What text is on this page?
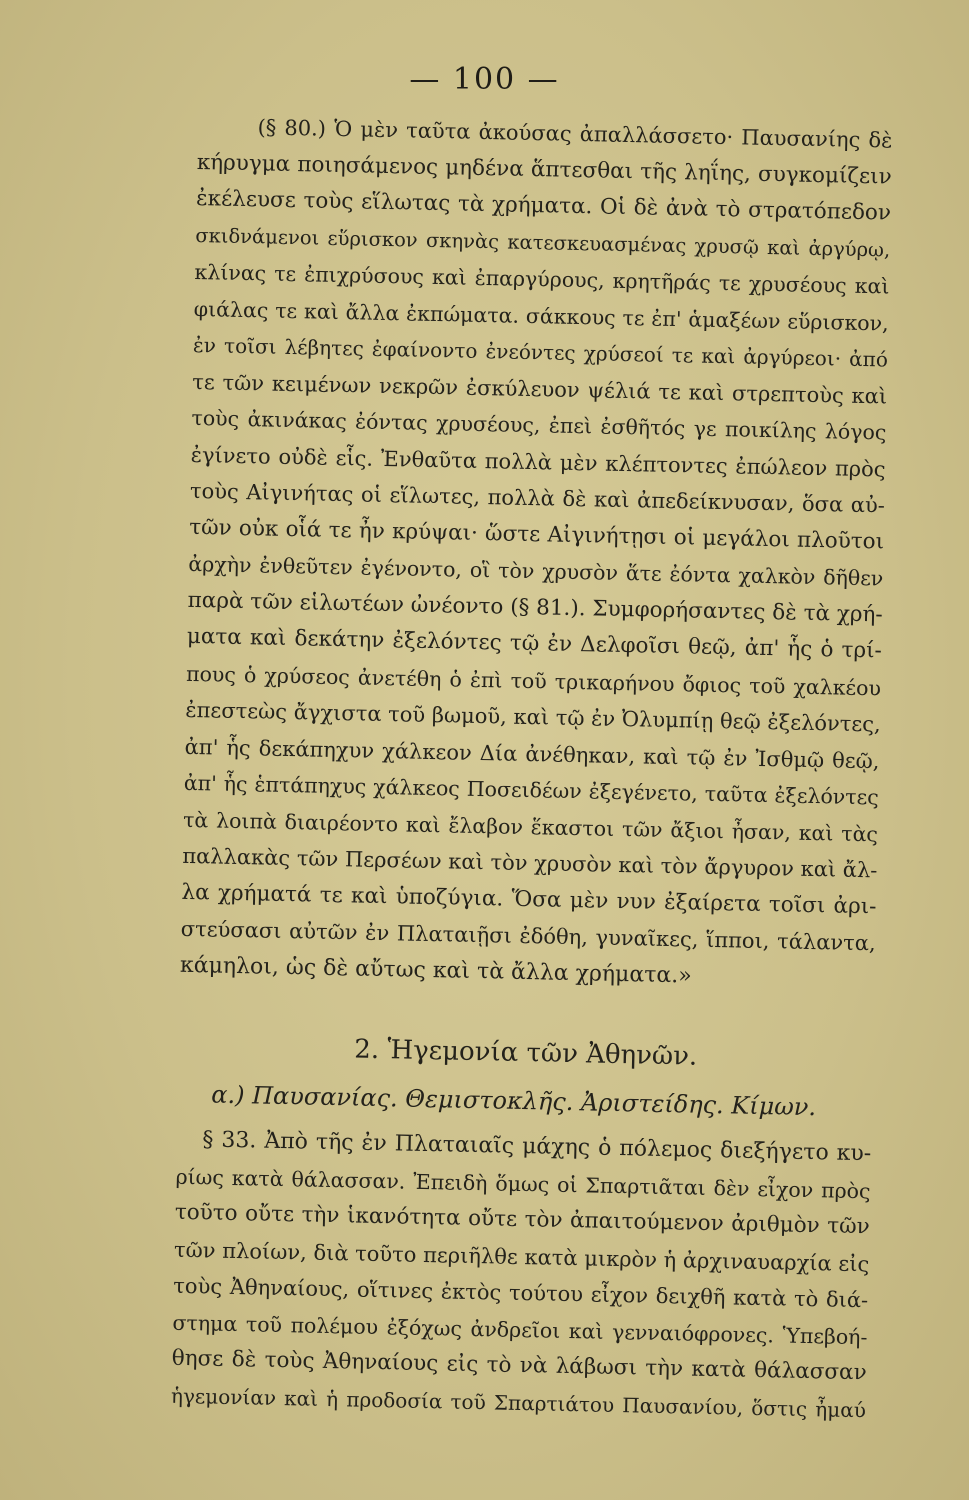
— 100 —
(§ 80.) Ὁ μὲν ταῦτα ἀκούσας ἀπαλλάσσετο· Παυσανίης δὲ
κήρυγμα ποιησάμενος μηδένα ἅπτεσθαι τῆς ληΐης, συγκομίζειν
ἐκέλευσε τοὺς εἵλωτας τὰ χρήματα. Οἱ δὲ ἀνὰ τὸ στρατόπεδον
σκιδνάμενοι εὕρισκον σκηνὰς κατεσκευασμένας χρυσῷ καὶ ἀργύρῳ,
κλίνας τε ἐπιχρύσους καὶ ἐπαργύρους, κρητῆράς τε χρυσέους καὶ
φιάλας τε καὶ ἄλλα ἐκπώματα. σάκκους τε ἐπ' ἁμαξέων εὕρισκον,
ἐν τοῖσι λέβητες ἐφαίνοντο ἐνεόντες χρύσεοί τε καὶ ἀργύρεοι· ἀπό
τε τῶν κειμένων νεκρῶν ἐσκύλευον ψέλιά τε καὶ στρεπτοὺς καὶ
τοὺς ἀκινάκας ἐόντας χρυσέους, ἐπεὶ ἐσθῆτός γε ποικίλης λόγος
ἐγίνετο οὐδὲ εἷς. Ἐνθαῦτα πολλὰ μὲν κλέπτοντες ἐπώλεον πρὸς
τοὺς Αἰγινήτας οἱ εἵλωτες, πολλὰ δὲ καὶ ἀπεδείκνυσαν, ὅσα αὐ-
τῶν οὐκ οἷά τε ἦν κρύψαι· ὥστε Αἰγινήτῃσι οἱ μεγάλοι πλοῦτοι
ἀρχὴν ἐνθεῦτεν ἐγένοντο, οἳ τὸν χρυσὸν ἅτε ἐόντα χαλκὸν δῆθεν
παρὰ τῶν εἱλωτέων ὠνέοντο (§ 81.). Συμφορήσαντες δὲ τὰ χρή-
ματα καὶ δεκάτην ἐξελόντες τῷ ἐν Δελφοῖσι θεῷ, ἀπ' ἧς ὁ τρί-
πους ὁ χρύσεος ἀνετέθη ὁ ἐπὶ τοῦ τρικαρήνου ὄφιος τοῦ χαλκέου
ἐπεστεὼς ἄγχιστα τοῦ βωμοῦ, καὶ τῷ ἐν Ὀλυμπίῃ θεῷ ἐξελόντες,
ἀπ' ἧς δεκάπηχυν χάλκεον Δία ἀνέθηκαν, καὶ τῷ ἐν Ἰσθμῷ θεῷ,
ἀπ' ἧς ἑπτάπηχυς χάλκεος Ποσειδέων ἐξεγένετο, ταῦτα ἐξελόντες
τὰ λοιπὰ διαιρέοντο καὶ ἔλαβον ἕκαστοι τῶν ἄξιοι ἦσαν, καὶ τὰς
παλλακὰς τῶν Περσέων καὶ τὸν χρυσὸν καὶ τὸν ἄργυρον καὶ ἄλ-
λα χρήματά τε καὶ ὑποζύγια. Ὅσα μὲν νυν ἐξαίρετα τοῖσι ἀρι-
στεύσασι αὐτῶν ἐν Πλαταιῇσι ἐδόθη, γυναῖκες, ἵπποι, τάλαντα,
κάμηλοι, ὡς δὲ αὔτως καὶ τὰ ἄλλα χρήματα.»
2. Ἡγεμονία τῶν Ἀθηνῶν.
α.) Παυσανίας. Θεμιστοκλῆς. Ἀριστείδης. Κίμων.
§ 33. Ἀπὸ τῆς ἐν Πλαταιαῖς μάχης ὁ πόλεμος διεξήγετο κυ-
ρίως κατὰ θάλασσαν. Ἐπειδὴ ὅμως οἱ Σπαρτιᾶται δὲν εἶχον πρὸς
τοῦτο οὔτε τὴν ἱκανότητα οὔτε τὸν ἀπαιτούμενον ἀριθμὸν τῶν
τῶν πλοίων, διὰ τοῦτο περιῆλθε κατὰ μικρὸν ἡ ἀρχιναυαρχία εἰς
τοὺς Ἀθηναίους, οἵτινες ἐκτὸς τούτου εἶχον δειχθῆ κατὰ τὸ διά-
στημα τοῦ πολέμου ἐξόχως ἀνδρεῖοι καὶ γενναιόφρονες. Ὑπεβοή-
θησε δὲ τοὺς Ἀθηναίους εἰς τὸ νὰ λάβωσι τὴν κατὰ θάλασσαν
ἡγεμονίαν καὶ ἡ προδοσία τοῦ Σπαρτιάτου Παυσανίου, ὅστις ἦμαύ
